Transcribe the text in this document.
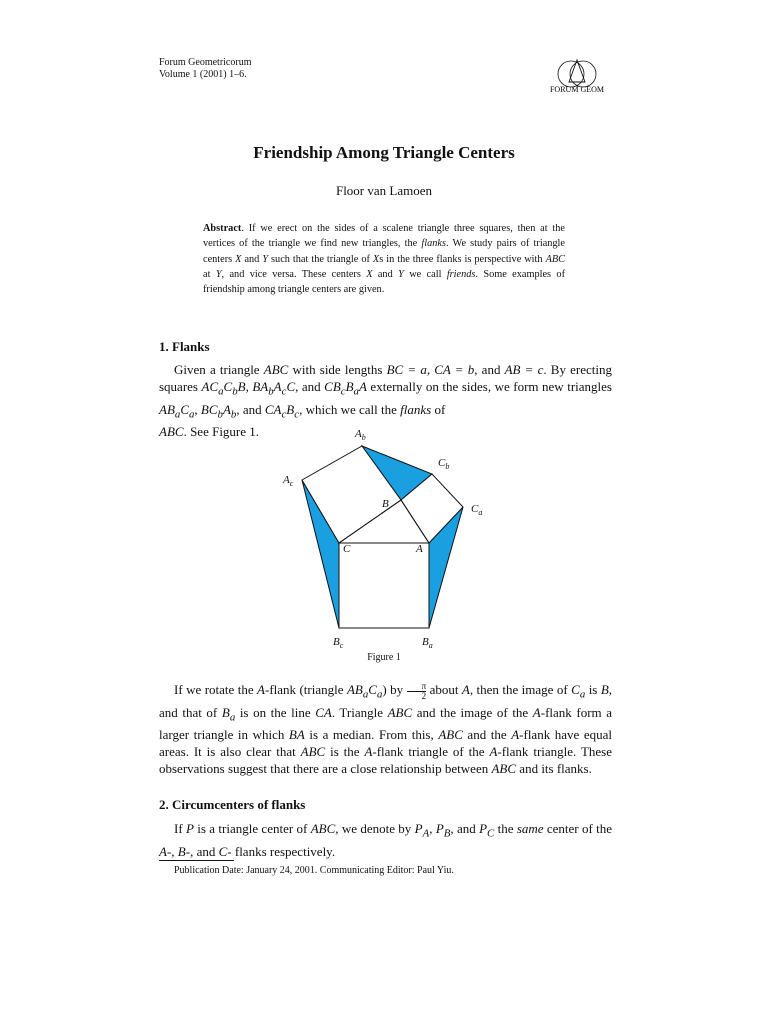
Forum Geometricorum
Volume 1 (2001) 1–6.
FORUM GEOM
Friendship Among Triangle Centers
Floor van Lamoen
Abstract. If we erect on the sides of a scalene triangle three squares, then at the vertices of the triangle we find new triangles, the flanks. We study pairs of triangle centers X and Y such that the triangle of Xs in the three flanks is perspective with ABC at Y, and vice versa. These centers X and Y we call friends. Some examples of friendship among triangle centers are given.
1. Flanks
Given a triangle ABC with side lengths BC = a, CA = b, and AB = c. By erecting squares $AC_aC_bB$, $BA_bA_cC$, and $CB_cB_aA$ externally on the sides, we form new triangles $AB_aC_a$, $BC_bA_b$, and $CA_cB_c$, which we call the flanks of
ABC. See Figure 1.	$A_b$
$C_b$
$A_c$
B	$C_a$
C	A
$B_c$	$B_a$
Figure 1
If we rotate the A-flank (triangle $AB_aC_a$) by $\frac{\pi}{2}$ about A, then the image of $C_a$ is B, and that of $B_a$ is on the line CA. Triangle ABC and the image of the A-flank form a larger triangle in which BA is a median. From this, ABC and the A-flank have equal areas. It is also clear that ABC is the A-flank triangle of the A-flank triangle. These observations suggest that there are a close relationship between ABC and its flanks.
2. Circumcenters of flanks
If P is a triangle center of ABC, we denote by $P_A$, $P_B$, and $P_C$ the same center of the A-, B-, and C- flanks respectively.
Publication Date: January 24, 2001. Communicating Editor: Paul Yiu.
